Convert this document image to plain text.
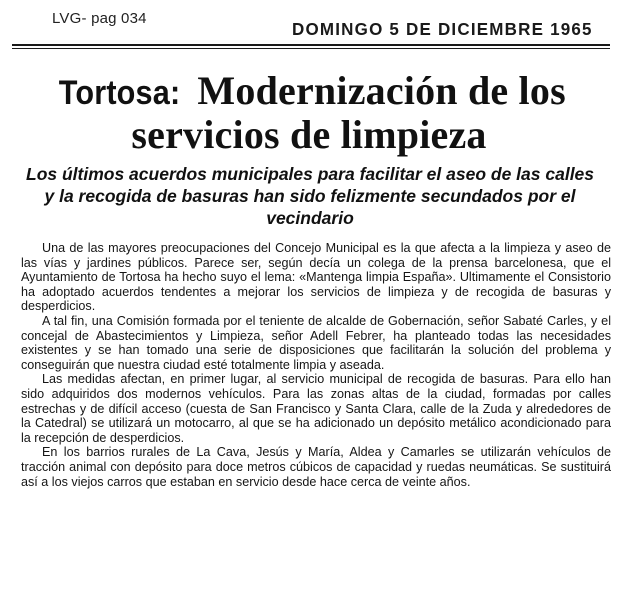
LVG- pag 034
DOMINGO 5 DE DICIEMBRE 1965
Tortosa: Modernización de los
servicios de limpieza
Los últimos acuerdos municipales para facilitar el aseo de las calles y la recogida de basuras han sido felizmente secundados por el vecindario

Una de las mayores preocupaciones del Concejo Municipal es la que afecta a la limpieza y aseo de las vías y jardines públicos. Parece ser, según decía un colega de la prensa barcelonesa, que el Ayuntamiento de Tortosa ha hecho suyo el lema: «Mantenga limpia España». Ultimamente el Consistorio ha adoptado acuerdos tendentes a mejorar los servicios de limpieza y de recogida de basuras y desperdicios.

A tal fin, una Comisión formada por el teniente de alcalde de Gobernación, señor Sabaté Carles, y el concejal de Abastecimientos y Limpieza, señor Adell Febrer, ha planteado todas las necesidades existentes y se han tomado una serie de disposiciones que facilitarán la solución del problema y conseguirán que nuestra ciudad esté totalmente limpia y aseada.

Las medidas afectan, en primer lugar, al servicio municipal de recogida de basuras. Para ello han sido adquiridos dos modernos vehículos. Para las zonas altas de la ciudad, formadas por calles estrechas y de difícil acceso (cuesta de San Francisco y Santa Clara, calle de la Zuda y alrededores de la Catedral) se utilizará un motocarro, al que se ha adicionado un depósito metálico acondicionado para la recepción de desperdicios.

En los barrios rurales de La Cava, Jesús y María, Aldea y Camarles se utilizarán vehículos de tracción animal con depósito para doce metros cúbicos de capacidad y ruedas neumáticas. Se sustituirá así a los viejos carros que estaban en servicio desde hace cerca de veinte años.
